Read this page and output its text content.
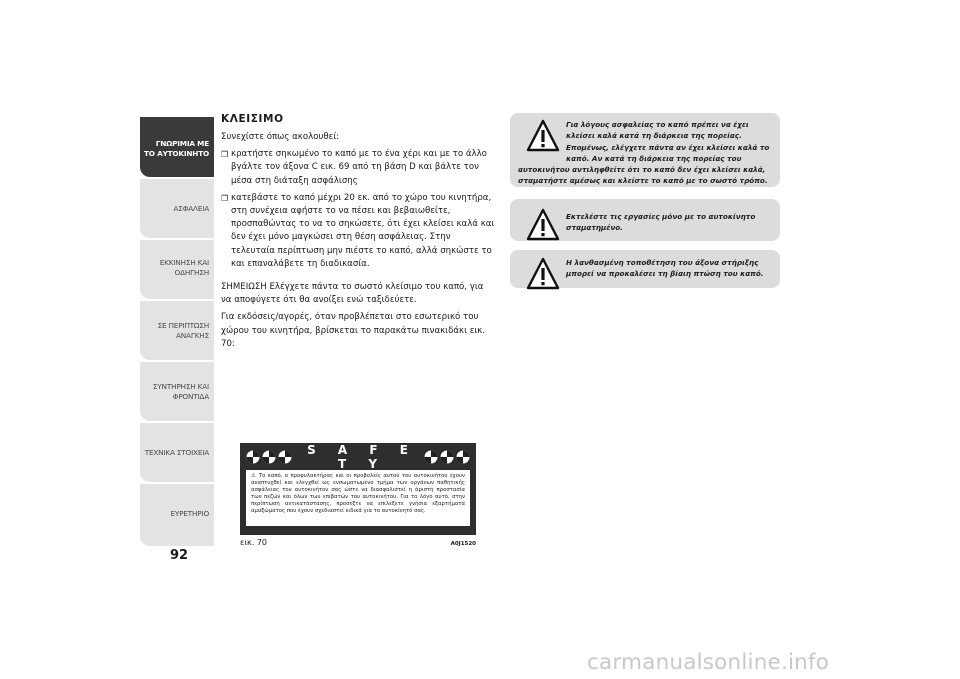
ΓΝΩΡΙΜΙΑ ΜΕ ΤΟ ΑΥΤΟΚΙΝΗΤΟ
ΑΣΦΑΛΕΙΑ
ΕΚΚΙΝΗΣΗ ΚΑΙ ΟΔΗΓΗΣΗ
ΣΕ ΠΕΡΙΠΤΩΣΗ ΑΝΑΓΚΗΣ
ΣΥΝΤΗΡΗΣΗ ΚΑΙ ΦΡΟΝΤΙΔΑ
ΤΕΧΝΙΚΑ ΣΤΟΙΧΕΙΑ
ΕΥΡΕΤΗΡΙΟ
92
ΚΛΕΙΣΙΜΟ
Συνεχίστε όπως ακολουθεί:
❒ κρατήστε σηκωμένο το καπό με το ένα χέρι και με το άλλο βγάλτε τον άξονα C εικ. 69 από τη βάση D και βάλτε τον μέσα στη διάταξη ασφάλισης
❒ κατεβάστε το καπό μέχρι 20 εκ. από το χώρο του κινητήρα, στη συνέχεια αφήστε το να πέσει και βεβαιωθείτε, προσπαθώντας το να το σηκώσετε, ότι έχει κλείσει καλά και δεν έχει μόνο μαγκώσει στη θέση ασφάλειας. Στην τελευταία περίπτωση μην πιέστε το καπό, αλλά σηκώστε το και επαναλάβετε τη διαδικασία.
ΣΗΜΕΙΩΣΗ Ελέγχετε πάντα το σωστό κλείσιμο του καπό, για να αποφύγετε ότι θα ανοίξει ενώ ταξιδεύετε.
Για εκδόσεις/αγορές, όταν προβλέπεται στο εσωτερικό του χώρου του κινητήρα, βρίσκεται το παρακάτω πινακιδάκι εικ. 70:
S A F E T Y
⚠ Το καπό, ο προφυλακτήρας και οι προβολείς αυτού του αυτοκινήτου έχουν αναπτυχθεί και ελεγχθεί ως ενσωματωμένο τμήμα των οργάνων παθητικής ασφάλειας του αυτοκινήτου σας ώστε να διασφαλιστεί η άριστη προστασία των πεζών και όλων των επιβατών του αυτοκινήτου. Για το λόγο αυτό, στην περίπτωση αντικατάστασης, προσέξτε να επιλέξετε γνήσια εξαρτήματα αμαξώματος που έχουν σχεδιαστεί ειδικά για το αυτοκίνητό σας.
εικ. 70	A0J1520
Για λόγους ασφαλείας το καπό πρέπει να έχει κλείσει καλά κατά τη διάρκεια της πορείας. Επομένως, ελέγχετε πάντα αν έχει κλείσει καλά το καπό. Αν κατά τη διάρκεια της πορείας του αυτοκινήτου αντιληφθείτε ότι το καπό δεν έχει κλείσει καλά, σταματήστε αμέσως και κλείστε το καπό με το σωστό τρόπο.
Εκτελέστε τις εργασίες μόνο με το αυτοκίνητο σταματημένο.
Η λανθασμένη τοποθέτηση του άξονα στήριξης μπορεί να προκαλέσει τη βίαιη πτώση του καπό.
carmanualsonline.info
